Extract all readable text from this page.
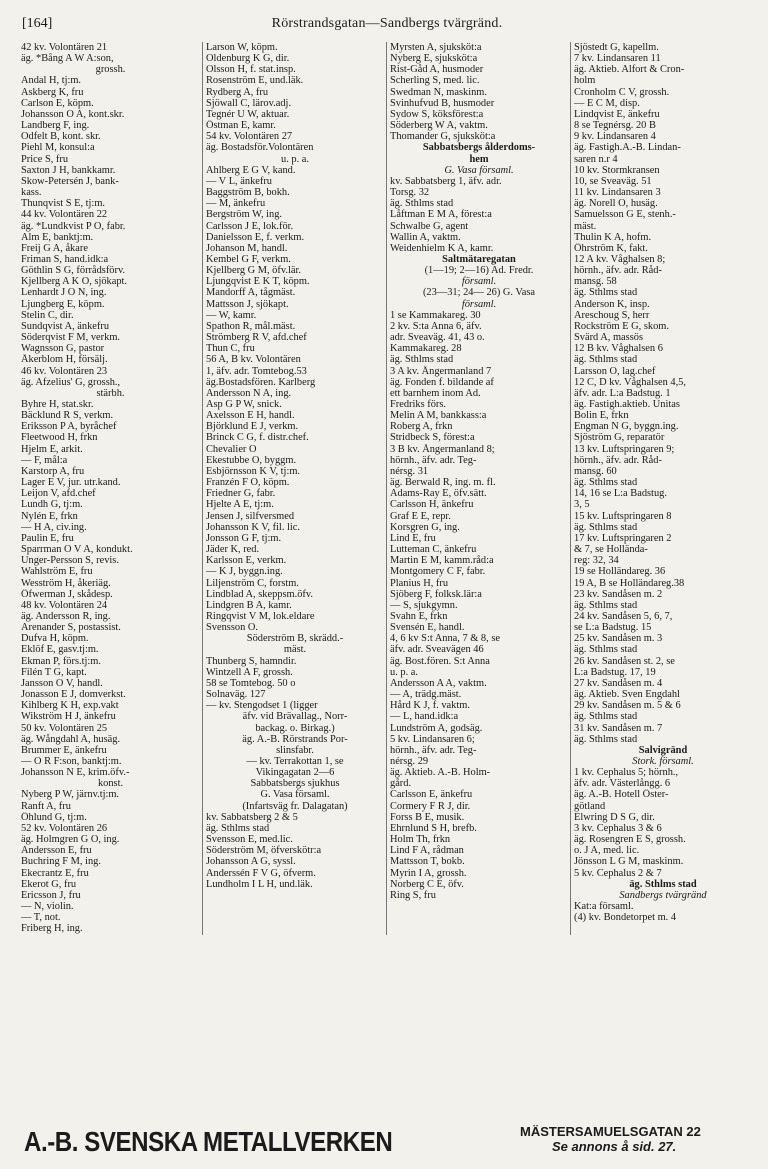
[164]	Rörstrandsgatan—Sandbergs tvärgränd.
42 kv. Volontären 21
äg. *Bång A W A:son,
grossh.
Andal H, tj:m.
Askberg K, fru
Carlson E, köpm.
Johansson O A, kont.skr.
Landberg F, ing.
Odfelt B, kont. skr.
Piehl M, konsul:a
Price S, fru
Saxton J H, bankkamr.
Skow-Petersén J, bank-
kass.
Thunqvist S E, tj:m.
44 kv. Volontären 22
äg. *Lundkvist P O, fabr.
Alm E, banktj:m.
Freij G A, åkare
Friman S, hand.idk:a
Göthlin S G, förrådsförv.
Kjellberg A K O, sjökapt.
Lenhardt J O N, ing.
Ljungberg E, köpm.
Stelin C, dir.
Sundqvist A, änkefru
Söderqvist F M, verkm.
Wagnsson G, pastor
Åkerblom H, försälj.
46 kv. Volontären 23
äg. Afzelius' G, grossh.,
stärbh.
Byhre H, stat.skr.
Bäcklund R S, verkm.
Eriksson P A, byråchef
Fleetwood H, frkn
Hjelm E, arkit.
— F, mål:a
Karstorp A, fru
Lager E V, jur. utr.kand.
Leijon V, afd.chef
Lundh G, tj:m.
Nylén E, frkn
— H A, civ.ing.
Paulin E, fru
Sparrman O V A, kondukt.
Unger-Persson S, revis.
Wahlström E, fru
Wesström H, åkeriäg.
Öfwerman J, skådesp.
48 kv. Volontären 24
äg. Andersson R, ing.
Arenander S, postassist.
Dufva H, köpm.
Eklöf E, gasv.tj:m.
Ekman P, förs.tj:m.
Filén T G, kapt.
Jansson O V, handl.
Jonasson E J, domverkst.
Kihlberg K H, exp.vakt
Wikström H J, änkefru
50 kv. Volontären 25
äg. Wångdahl A, husäg.
Brummer E, änkefru
— O R F:son, banktj:m.
Johansson N E, krim.öfv.-
konst.
Nyberg P W, järnv.tj:m.
Ranft A, fru
Öhlund G, tj:m.
52 kv. Volontären 26
äg. Holmgren G O, ing.
Andersson E, fru
Buchring F M, ing.
Ekecrantz E, fru
Ekerot G, fru
Ericsson J, fru
— N, violin.
— T, not.
Friberg H, ing.
Larson W, köpm.
Oldenburg K G, dir.
Olsson H, f. stat.insp.
Rosenström E, und.läk.
Rydberg A, fru
Sjöwall C, lärov.adj.
Tegnér U W, aktuar.
Östman E, kamr.
54 kv. Volontären 27
äg. Bostadsför.Volontären
u. p. a.
Ahlberg E G V, kand.
— V L, änkefru
Baggström B, bokh.
— M, änkefru
Bergström W, ing.
Carlsson J E, lok.för.
Danielsson E, f. verkm.
Johanson M, handl.
Kembel G F, verkm.
Kjellberg G M, öfv.lär.
Ljungqvist E K T, köpm.
Mandorff A, tågmäst.
Mattsson J, sjökapt.
— W, kamr.
Spathon R, mål.mäst.
Strömberg R V, afd.chef
Thun C, fru
56 A, B kv. Volontären
1, äfv. adr. Tomtebog.53
äg.Bostadsfören. Karlberg
Andersson N A, ing.
Asp G P W, snick.
Axelsson E H, handl.
Björklund E J, verkm.
Brinck C G, f. distr.chef.
Chevalier O
Ekestubbe O, byggm.
Esbjörnsson K V, tj:m.
Franzén F O, köpm.
Friedner G, fabr.
Hjelte A E, tj:m.
Jensen J, silfversmed
Johansson K V, fil. lic.
Jonsson G F, tj:m.
Jäder K, red.
Karlsson E, verkm.
— K J, byggn.ing.
Liljenström C, forstm.
Lindblad A, skeppsm.öfv.
Lindgren B A, kamr.
Ringqvist V M, lok.eldare
Svensson O.
Söderström B, skrädd.-
mäst.
Thunberg S, hamndir.
Wintzell A F, grossh.
58 se Tomtebog. 50 o
Solnaväg. 127
— kv. Stengodset 1 (ligger
äfv. vid Brävallag., Norr-
backag. o. Birkag.)
äg. A.-B. Rörstrands Por-
slinsfabr.
— kv. Terrakottan 1, se
Vikingagatan 2—6
Sabbatsbergs sjukhus
G. Vasa församl.
(Infartsväg fr. Dalagatan)
kv. Sabbatsberg 2 & 5
äg. Sthlms stad
Svensson E, med.lic.
Söderström M, öfverskötr:a
Johansson A G, syssl.
Anderssén F V G, öfverm.
Lundholm I L H, und.läk.
Myrsten A, sjuksköt:a
Nyberg E, sjuksköt:a
Rist-Gåd A, husmoder
Scherling S, med. lic.
Swedman N, maskinm.
Svinhufvud B, husmoder
Sydow S, köksförest:a
Söderberg W A, vaktm.
Thomander G, sjuksköt:a
Sabbatsbergs ålderdoms-
hem
G. Vasa församl.
kv. Sabbatsberg 1, äfv. adr.
Torsg. 32
äg. Sthlms stad
Låftman E M A, förest:a
Schwalbe G, agent
Wallin A, vaktm.
Weidenhielm K A, kamr.
Saltmätaregatan
(1—19; 2—16) Ad. Fredr.
församl.
(23—31; 24— 26) G. Vasa
församl.
1 se Kammakareg. 30
2 kv. S:ta Anna 6, äfv.
adr. Sveaväg. 41, 43 o.
Kammakareg. 28
äg. Sthlms stad
3 A kv. Ångermanland 7
äg. Fonden f. bildande af
ett barnhem inom Ad.
Fredriks förs.
Melin A M, bankkass:a
Roberg A, frkn
Stridbeck S, förest:a
3 B kv. Ångermanland 8;
hörnh., äfv. adr. Teg-
nérsg. 31
äg. Berwald R, ing. m. fl.
Adams-Ray E, öfv.sätt.
Carlsson H, änkefru
Graf E E, repr.
Korsgren G, ing.
Lind E, fru
Lutteman C, änkefru
Martin E M, kamm.råd:a
Montgomery C F, fabr.
Planius H, fru
Sjöberg F, folksk.lär:a
— S, sjukgymn.
Svahn E, frkn
Svensén E, handl.
4, 6 kv S:t Anna, 7 & 8, se
äfv. adr. Sveavägen 46
äg. Bost.fören. S:t Anna
u. p. a.
Andersson A A, vaktm.
— A, trädg.mäst.
Hård K J, f. vaktm.
— L, hand.idk:a
Lundström A, godsäg.
5 kv. Lindansaren 6;
hörnh., äfv. adr. Teg-
nérsg. 29
äg. Aktieb. A.-B. Holm-
gård.
Carlsson E, änkefru
Cormery F R J, dir.
Forss B E, musik.
Ehrnlund S H, brefb.
Holm Th, frkn
Lind F A, rådman
Mattsson T, bokb.
Myrin I A, grossh.
Norberg C E, öfv.
Ring S, fru
Sjöstedt G, kapellm.
7 kv. Lindansaren 11
äg. Aktieb. Alfort & Cron-
holm
Cronholm C V, grossh.
— E C M, disp.
Lindqvist E, änkefru
8 se Tegnérsg. 20 B
9 kv. Lindansaren 4
äg. Fastigh.A.-B. Lindan-
saren n.r 4
10 kv. Stormkransen
10, se Sveaväg. 51
11 kv. Lindansaren 3
äg. Norell O, husäg.
Samuelsson G E, stenh.-
mäst.
Thulin K A, hofm.
Öhrström K, fakt.
12 A kv. Våghalsen 8;
hörnh., äfv. adr. Råd-
mansg. 58
äg. Sthlms stad
Anderson K, insp.
Areschoug S, herr
Rockström E G, skom.
Svärd A, massös
12 B kv. Våghalsen 6
äg. Sthlms stad
Larsson O, lag.chef
12 C, D kv. Våghalsen 4,5,
äfv. adr. L:a Badstug. 1
äg. Fastigh.aktieb. Unitas
Bolin E, frkn
Engman N G, byggn.ing.
Sjöström G, reparatör
13 kv. Luftspringaren 9;
hörnh., äfv. adr. Råd-
mansg. 60
äg. Sthlms stad
14, 16 se L:a Badstug.
3, 5
15 kv. Luftspringaren 8
äg. Sthlms stad
17 kv. Luftspringaren 2
& 7, se Hollända-
reg: 32, 34
19 se Holländareg. 36
19 A, B se Holländareg.38
23 kv. Sandåsen m. 2
äg. Sthlms stad
24 kv. Sandåsen 5, 6, 7,
se L:a Badstug. 15
25 kv. Sandåsen m. 3
äg. Sthlms stad
26 kv. Sandåsen st. 2, se
L:a Badstug. 17, 19
27 kv. Sandåsen m. 4
äg. Aktieb. Sven Engdahl
29 kv. Sandåsen m. 5 & 6
äg. Sthlms stad
31 kv. Sandåsen m. 7
äg. Sthlms stad
Salvigränd
Stork. församl.
1 kv. Cephalus 5; hörnh.,
äfv. adr. Västerlångg. 6
äg. A.-B. Hotell Öster-
götland
Elwring D S G, dir.
3 kv. Cephalus 3 & 6
äg. Rosengren E S, grossh.
o. J A, med. lic.
Jönsson L G M, maskinm.
5 kv. Cephalus 2 & 7
äg. Sthlms stad
Sandbergs tvärgränd
Kat:a församl.
(4) kv. Bondetorpet m. 4
A.-B. SVENSKA METALLVERKEN	MÄSTERSAMUELSGATAN 22
Se annons å sid. 27.
